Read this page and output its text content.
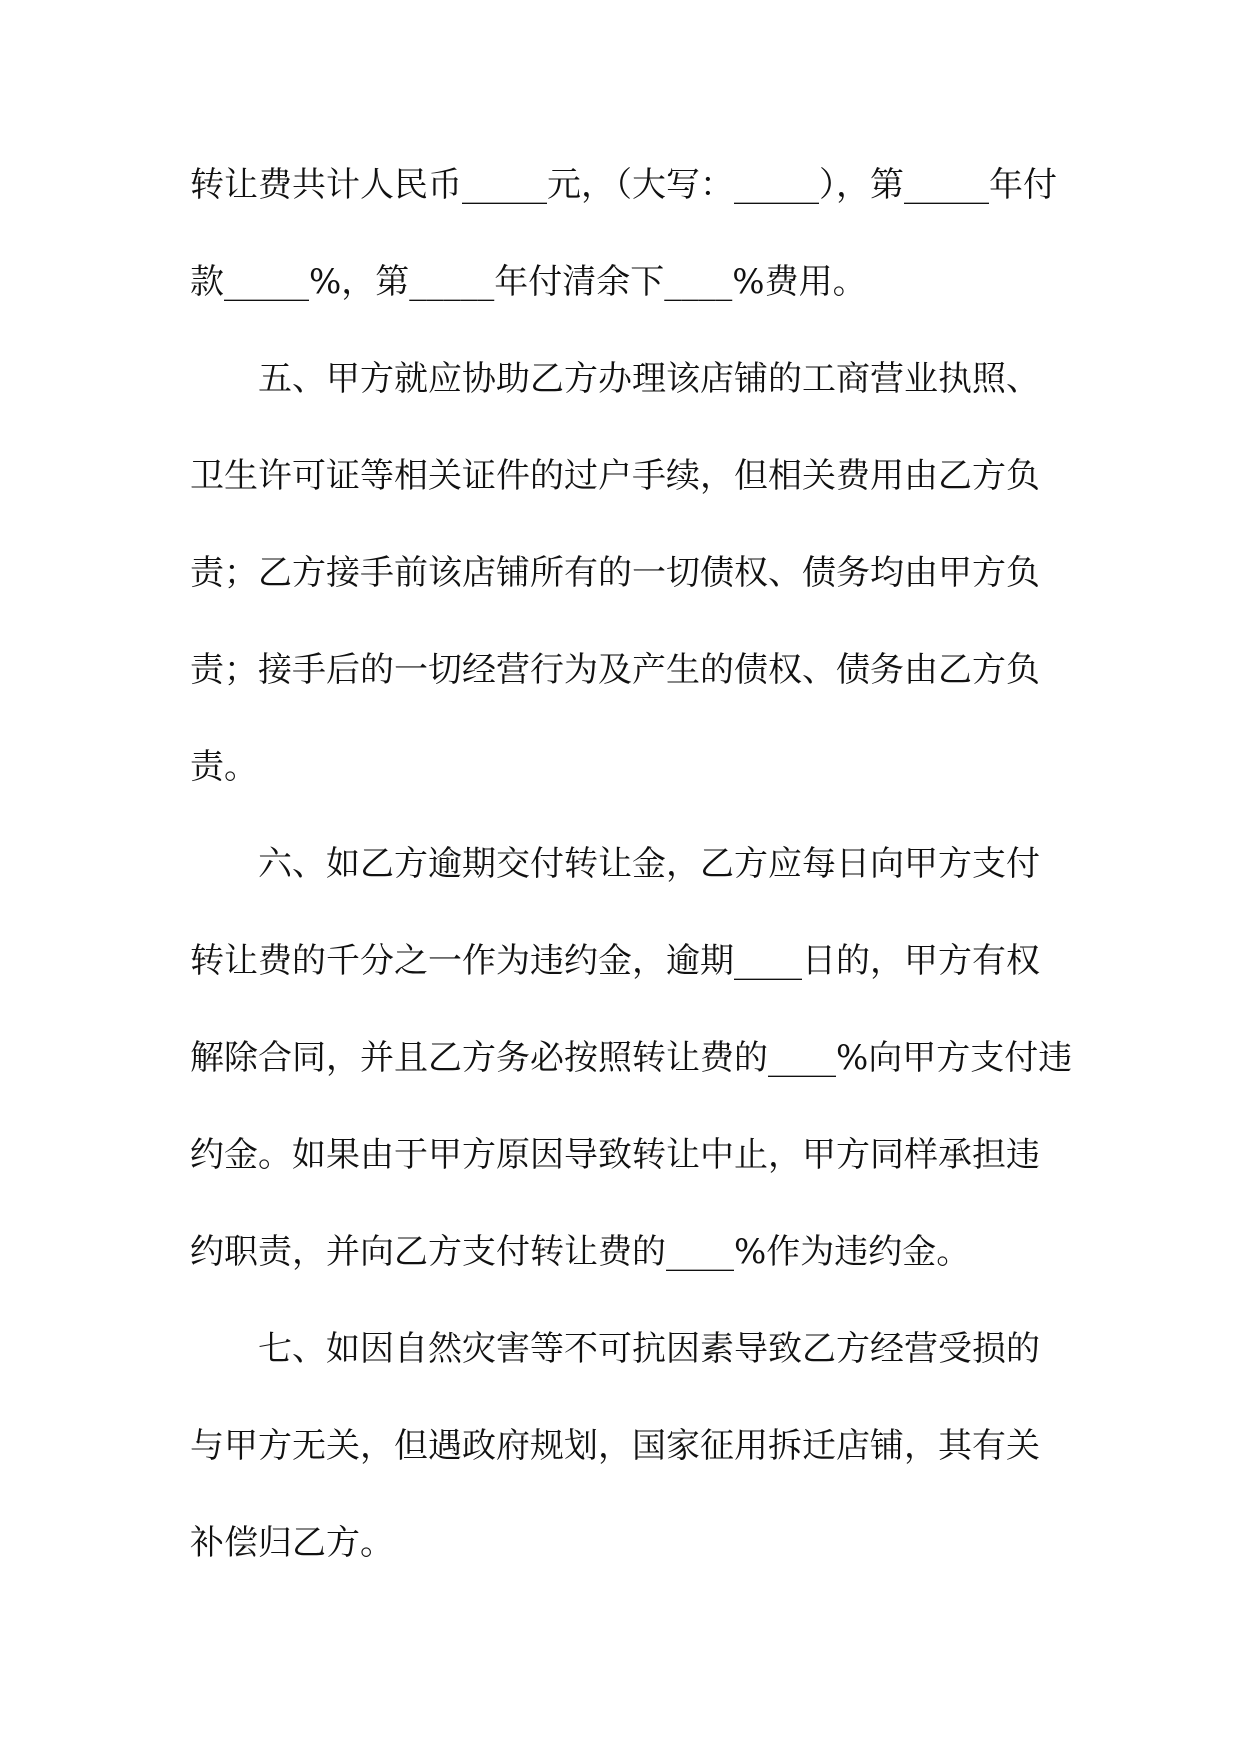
转让费共计人民币_____元，（大写：_____），第_____年付
款_____%，第_____年付清余下____%费用。
五、甲方就应协助乙方办理该店铺的工商营业执照、
卫生许可证等相关证件的过户手续，但相关费用由乙方负
责；乙方接手前该店铺所有的一切债权、债务均由甲方负
责；接手后的一切经营行为及产生的债权、债务由乙方负
责。
六、如乙方逾期交付转让金，乙方应每日向甲方支付
转让费的千分之一作为违约金，逾期____日的，甲方有权
解除合同，并且乙方务必按照转让费的____%向甲方支付违
约金。如果由于甲方原因导致转让中止，甲方同样承担违
约职责，并向乙方支付转让费的____%作为违约金。
七、如因自然灾害等不可抗因素导致乙方经营受损的
与甲方无关，但遇政府规划，国家征用拆迁店铺，其有关
补偿归乙方。
